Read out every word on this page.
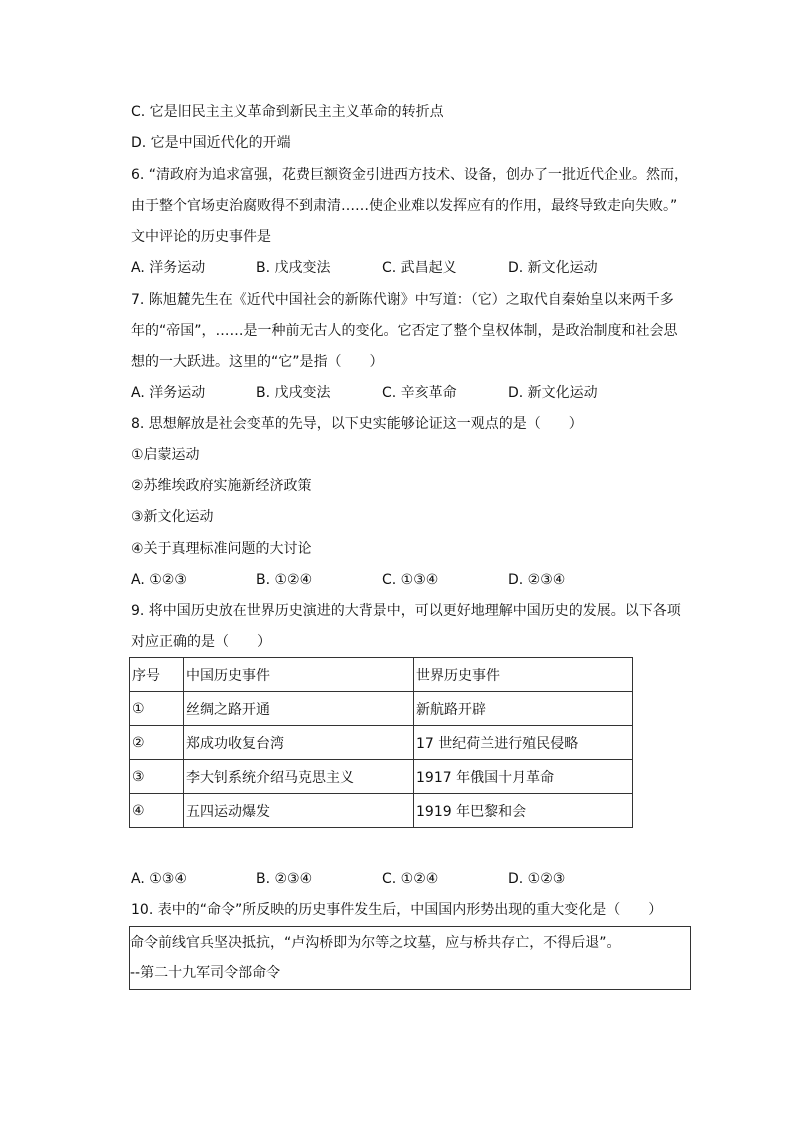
C. 它是旧民主主义革命到新民主主义革命的转折点
D. 它是中国近代化的开端
6. “清政府为追求富强，花费巨额资金引进西方技术、设备，创办了一批近代企业。然而，
由于整个官场吏治腐败得不到肃清……使企业难以发挥应有的作用，最终导致走向失败。”
文中评论的历史事件是
A. 洋务运动	B. 戊戌变法	C. 武昌起义	D. 新文化运动
7. 陈旭麓先生在《近代中国社会的新陈代谢》中写道：（它）之取代自秦始皇以来两千多
年的“帝国”，……是一种前无古人的变化。它否定了整个皇权体制，是政治制度和社会思
想的一大跃进。这里的“它”是指（　　）
A. 洋务运动	B. 戊戌变法	C. 辛亥革命	D. 新文化运动
8. 思想解放是社会变革的先导，以下史实能够论证这一观点的是（　　）
①启蒙运动
②苏维埃政府实施新经济政策
③新文化运动
④关于真理标准问题的大讨论
A. ①②③	B. ①②④	C. ①③④	D. ②③④
9. 将中国历史放在世界历史演进的大背景中，可以更好地理解中国历史的发展。以下各项
对应正确的是（　　）
序号	中国历史事件	世界历史事件
①	丝绸之路开通	新航路开辟
②	郑成功收复台湾	17 世纪荷兰进行殖民侵略
③	李大钊系统介绍马克思主义	1917 年俄国十月革命
④	五四运动爆发	1919 年巴黎和会
A. ①③④	B. ②③④	C. ①②④	D. ①②③
10. 表中的“命令”所反映的历史事件发生后，中国国内形势出现的重大变化是（　　）
命令前线官兵坚决抵抗，“卢沟桥即为尔等之坟墓，应与桥共存亡，不得后退”。
--第二十九军司令部命令
